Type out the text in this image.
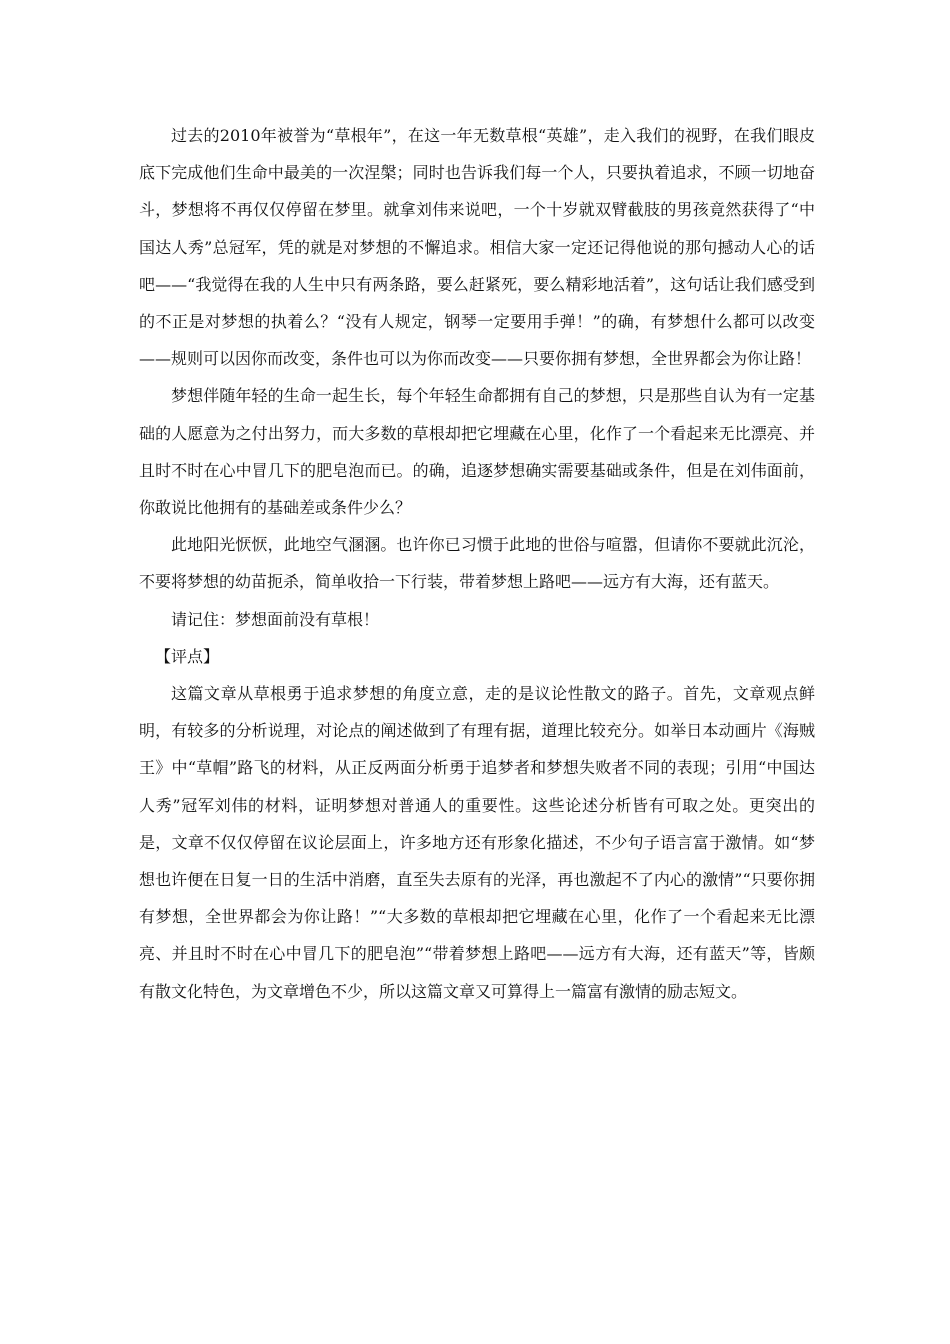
过去的2010年被誉为“草根年”，在这一年无数草根“英雄”，走入我们的视野，在我们眼皮底下完成他们生命中最美的一次涅槃；同时也告诉我们每一个人，只要执着追求，不顾一切地奋斗，梦想将不再仅仅停留在梦里。就拿刘伟来说吧，一个十岁就双臂截肢的男孩竟然获得了“中国达人秀”总冠军，凭的就是对梦想的不懈追求。相信大家一定还记得他说的那句撼动人心的话吧——“我觉得在我的人生中只有两条路，要么赶紧死，要么精彩地活着”，这句话让我们感受到的不正是对梦想的执着么？“没有人规定，钢琴一定要用手弹！”的确，有梦想什么都可以改变——规则可以因你而改变，条件也可以为你而改变——只要你拥有梦想，全世界都会为你让路！

梦想伴随年轻的生命一起生长，每个年轻生命都拥有自己的梦想，只是那些自认为有一定基础的人愿意为之付出努力，而大多数的草根却把它埋藏在心里，化作了一个看起来无比漂亮、并且时不时在心中冒几下的肥皂泡而已。的确，追逐梦想确实需要基础或条件，但是在刘伟面前，你敢说比他拥有的基础差或条件少么？

此地阳光恹恹，此地空气溷溷。也许你已习惯于此地的世俗与喧嚣，但请你不要就此沉沦，不要将梦想的幼苗扼杀，简单收拾一下行装，带着梦想上路吧——远方有大海，还有蓝天。

请记住：梦想面前没有草根！

【评点】

这篇文章从草根勇于追求梦想的角度立意，走的是议论性散文的路子。首先，文章观点鲜明，有较多的分析说理，对论点的阐述做到了有理有据，道理比较充分。如举日本动画片《海贼王》中“草帽”路飞的材料，从正反两面分析勇于追梦者和梦想失败者不同的表现；引用“中国达人秀”冠军刘伟的材料，证明梦想对普通人的重要性。这些论述分析皆有可取之处。更突出的是，文章不仅仅停留在议论层面上，许多地方还有形象化描述，不少句子语言富于激情。如“梦想也许便在日复一日的生活中消磨，直至失去原有的光泽，再也激起不了内心的激情”“只要你拥有梦想，全世界都会为你让路！”“大多数的草根却把它埋藏在心里，化作了一个看起来无比漂亮、并且时不时在心中冒几下的肥皂泡”“带着梦想上路吧——远方有大海，还有蓝天”等，皆颇有散文化特色，为文章增色不少，所以这篇文章又可算得上一篇富有激情的励志短文。
